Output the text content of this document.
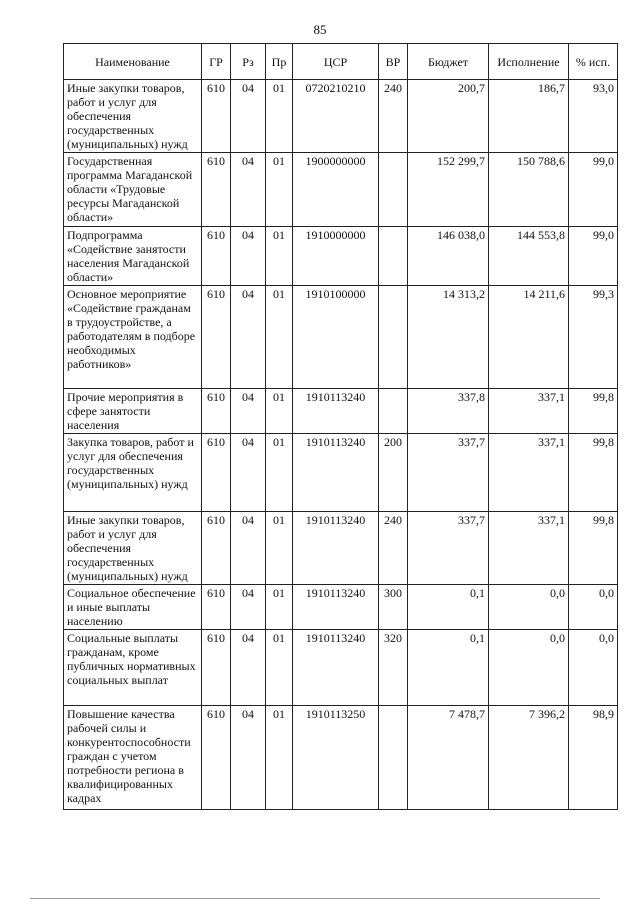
85
Наименование	ГР	Рз	Пр	ЦСР	ВР	Бюджет	Исполнение	% исп.
Иные закупки товаров, работ и услуг для обеспечения государственных (муниципальных) нужд	610	04	01	0720210210	240	200,7	186,7	93,0
Государственная программа Магаданской области «Трудовые ресурсы Магаданской области»	610	04	01	1900000000		152 299,7	150 788,6	99,0
Подпрограмма «Содействие занятости населения Магаданской области»	610	04	01	1910000000		146 038,0	144 553,8	99,0
Основное мероприятие «Содействие гражданам в трудоустройстве, а работодателям в подборе необходимых работников»	610	04	01	1910100000		14 313,2	14 211,6	99,3
Прочие мероприятия в сфере занятости населения	610	04	01	1910113240		337,8	337,1	99,8
Закупка товаров, работ и услуг для обеспечения государственных (муниципальных) нужд	610	04	01	1910113240	200	337,7	337,1	99,8
Иные закупки товаров, работ и услуг для обеспечения государственных (муниципальных) нужд	610	04	01	1910113240	240	337,7	337,1	99,8
Социальное обеспечение и иные выплаты населению	610	04	01	1910113240	300	0,1	0,0	0,0
Социальные выплаты гражданам, кроме публичных нормативных социальных выплат	610	04	01	1910113240	320	0,1	0,0	0,0
Повышение качества рабочей силы и конкурентоспособности граждан с учетом потребности региона в квалифицированных кадрах	610	04	01	1910113250		7 478,7	7 396,2	98,9
